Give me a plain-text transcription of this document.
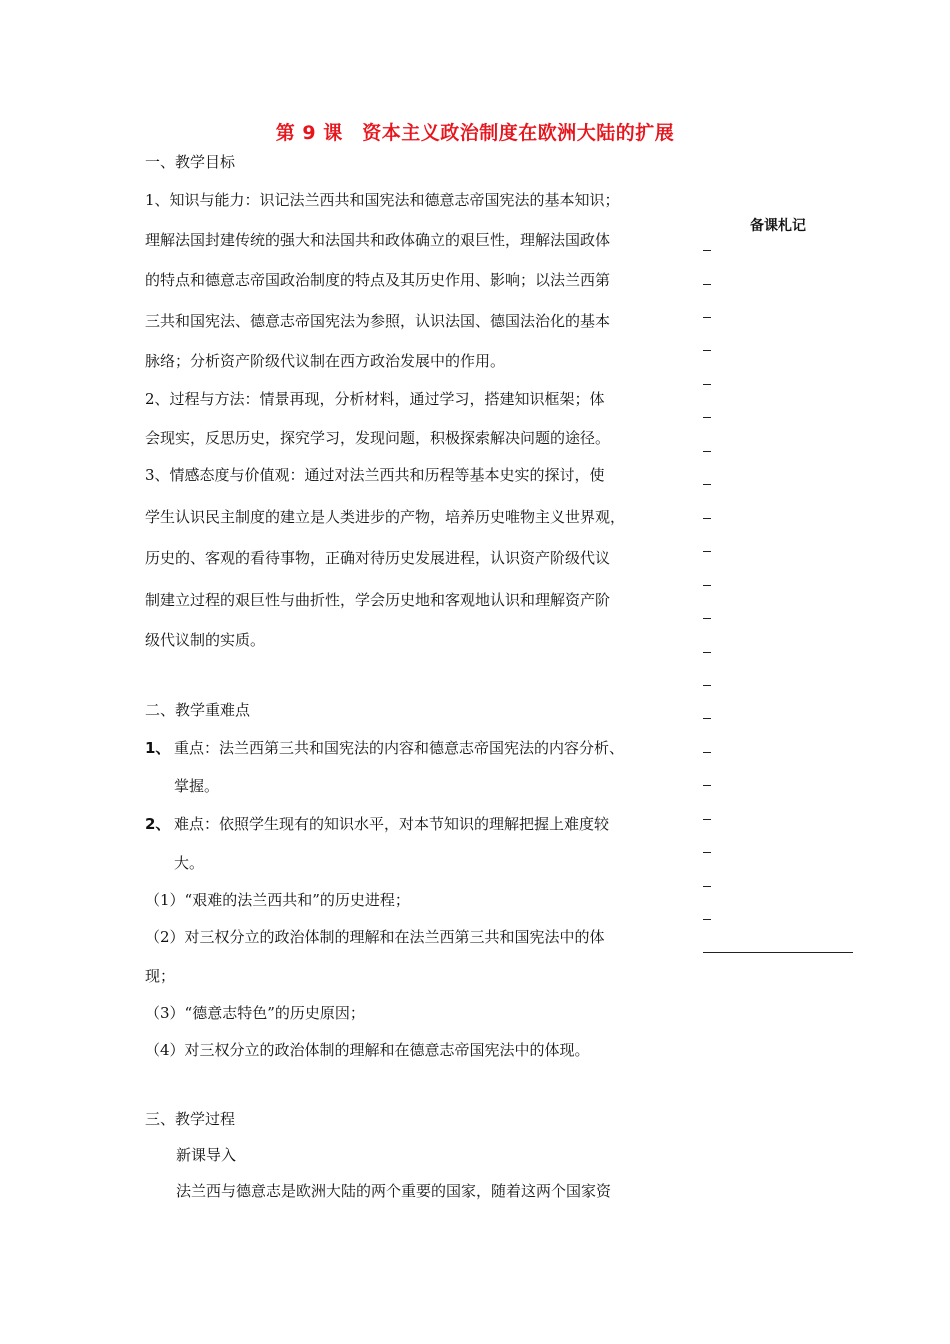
第 9 课　资本主义政治制度在欧洲大陆的扩展
一、教学目标
1、知识与能力：识记法兰西共和国宪法和德意志帝国宪法的基本知识；
理解法国封建传统的强大和法国共和政体确立的艰巨性，理解法国政体
的特点和德意志帝国政治制度的特点及其历史作用、影响；以法兰西第
三共和国宪法、德意志帝国宪法为参照，认识法国、德国法治化的基本
脉络；分析资产阶级代议制在西方政治发展中的作用。
2、过程与方法：情景再现，分析材料，通过学习，搭建知识框架；体
会现实，反思历史，探究学习，发现问题，积极探索解决问题的途径。
3、情感态度与价值观：通过对法兰西共和历程等基本史实的探讨，使
学生认识民主制度的建立是人类进步的产物，培养历史唯物主义世界观，
历史的、客观的看待事物，正确对待历史发展进程，认识资产阶级代议
制建立过程的艰巨性与曲折性，学会历史地和客观地认识和理解资产阶
级代议制的实质。
二、教学重难点
1、 重点：法兰西第三共和国宪法的内容和德意志帝国宪法的内容分析、
掌握。
2、 难点：依照学生现有的知识水平，对本节知识的理解把握上难度较
大。
（1）“艰难的法兰西共和”的历史进程；
（2）对三权分立的政治体制的理解和在法兰西第三共和国宪法中的体
现；
（3）“德意志特色”的历史原因；
（4）对三权分立的政治体制的理解和在德意志帝国宪法中的体现。
三、教学过程
新课导入
法兰西与德意志是欧洲大陆的两个重要的国家，随着这两个国家资
备课札记
